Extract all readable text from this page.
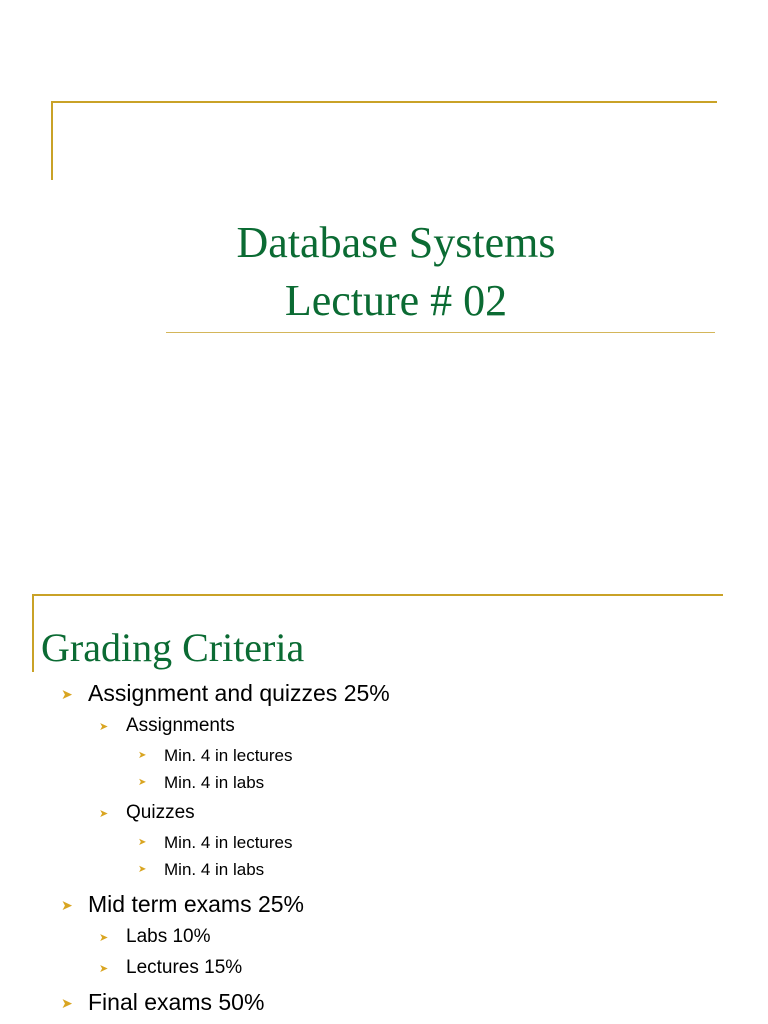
Database Systems
Lecture # 02
Grading Criteria
➤ Assignment and quizzes 25%
➤ Assignments
➤ Min. 4 in lectures
➤ Min. 4 in labs
➤ Quizzes
➤ Min. 4 in lectures
➤ Min. 4 in labs
➤ Mid term exams 25%
➤ Labs 10%
➤ Lectures 15%
➤ Final exams 50%
